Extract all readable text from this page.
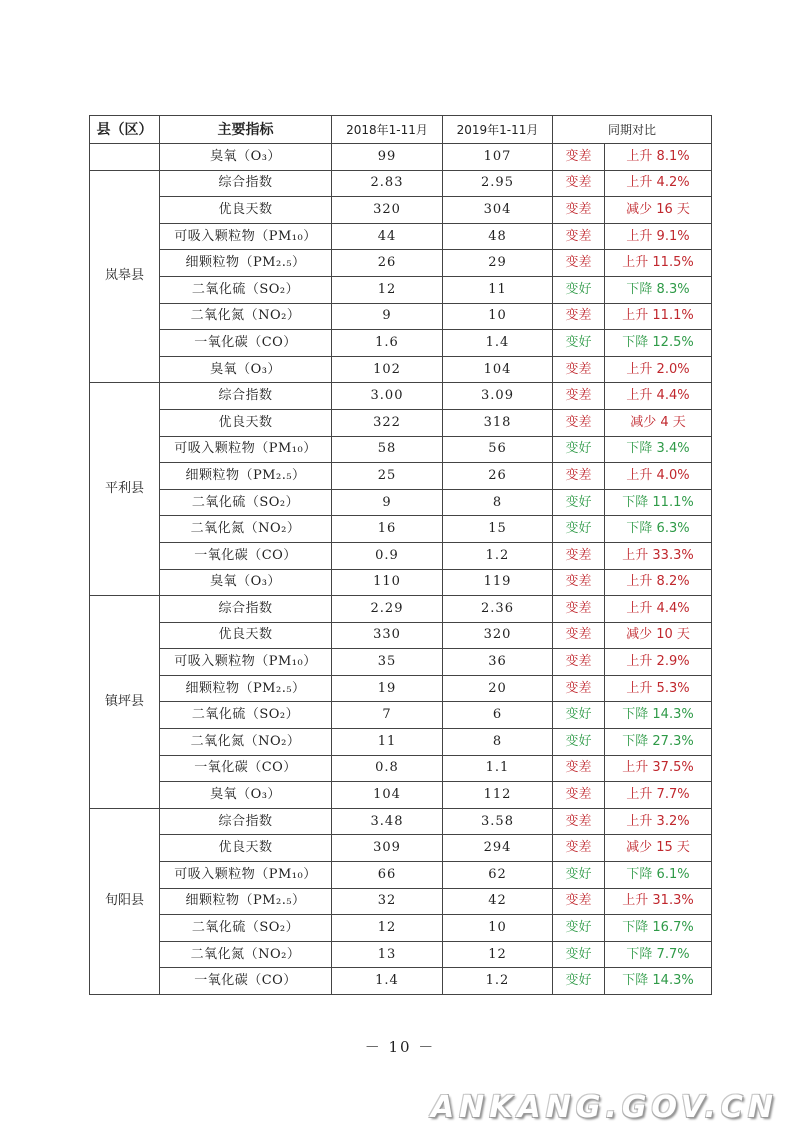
县（区）	主要指标	2018年1-11月	2019年1-11月	同期对比	
	臭氧（O₃）	99	107	变差	上升 8.1%
岚皋县	综合指数	2.83	2.95	变差	上升 4.2%
	优良天数	320	304	变差	减少 16 天
	可吸入颗粒物（PM₁₀）	44	48	变差	上升 9.1%
	细颗粒物（PM₂.₅）	26	29	变差	上升 11.5%
	二氧化硫（SO₂）	12	11	变好	下降 8.3%
	二氧化氮（NO₂）	9	10	变差	上升 11.1%
	一氧化碳（CO）	1.6	1.4	变好	下降 12.5%
	臭氧（O₃）	102	104	变差	上升 2.0%
平利县	综合指数	3.00	3.09	变差	上升 4.4%
	优良天数	322	318	变差	减少 4 天
	可吸入颗粒物（PM₁₀）	58	56	变好	下降 3.4%
	细颗粒物（PM₂.₅）	25	26	变差	上升 4.0%
	二氧化硫（SO₂）	9	8	变好	下降 11.1%
	二氧化氮（NO₂）	16	15	变好	下降 6.3%
	一氧化碳（CO）	0.9	1.2	变差	上升 33.3%
	臭氧（O₃）	110	119	变差	上升 8.2%
镇坪县	综合指数	2.29	2.36	变差	上升 4.4%
	优良天数	330	320	变差	减少 10 天
	可吸入颗粒物（PM₁₀）	35	36	变差	上升 2.9%
	细颗粒物（PM₂.₅）	19	20	变差	上升 5.3%
	二氧化硫（SO₂）	7	6	变好	下降 14.3%
	二氧化氮（NO₂）	11	8	变好	下降 27.3%
	一氧化碳（CO）	0.8	1.1	变差	上升 37.5%
	臭氧（O₃）	104	112	变差	上升 7.7%
旬阳县	综合指数	3.48	3.58	变差	上升 3.2%
	优良天数	309	294	变差	减少 15 天
	可吸入颗粒物（PM₁₀）	66	62	变好	下降 6.1%
	细颗粒物（PM₂.₅）	32	42	变差	上升 31.3%
	二氧化硫（SO₂）	12	10	变好	下降 16.7%
	二氧化氮（NO₂）	13	12	变好	下降 7.7%
	一氧化碳（CO）	1.4	1.2	变好	下降 14.3%
－ 10 －
ANKANG.GOV.CN
